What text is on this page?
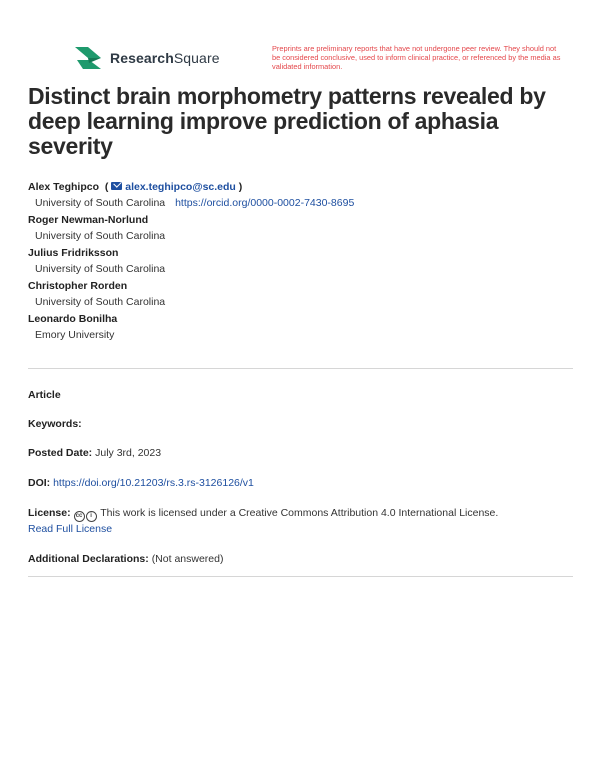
ResearchSquare
Preprints are preliminary reports that have not undergone peer review. They should not be considered conclusive, used to inform clinical practice, or referenced by the media as validated information.
Distinct brain morphometry patterns revealed by deep learning improve prediction of aphasia severity
Alex Teghipco  ( alex.teghipco@sc.edu )
University of South Carolina https://orcid.org/0000-0002-7430-8695
Roger Newman-Norlund
University of South Carolina
Julius Fridriksson
University of South Carolina
Christopher Rorden
University of South Carolina
Leonardo Bonilha
Emory University
Article
Keywords:
Posted Date: July 3rd, 2023
DOI: https://doi.org/10.21203/rs.3.rs-3126126/v1
License: cc i This work is licensed under a Creative Commons Attribution 4.0 International License.
Read Full License
Additional Declarations: (Not answered)
